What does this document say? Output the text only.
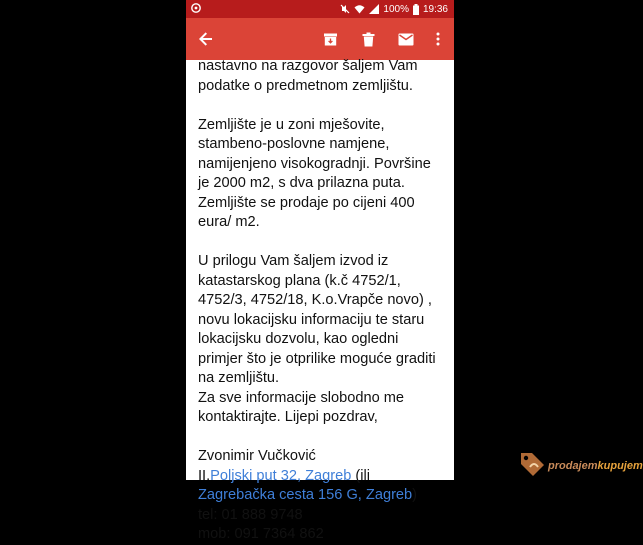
100% 19:36

nastavno na razgovor šaljem Vam

podatke o predmetnom zemljištu.

Zemljište je u zoni mješovite,

stambeno-poslovne namjene,

namijenjeno visokogradnji. Površine

je 2000 m2, s dva prilazna puta.

Zemljište se prodaje po cijeni 400

eura/ m2.

U prilogu Vam šaljem izvod iz

katastarskog plana (k.č 4752/1,

4752/3, 4752/18, K.o.Vrapče novo) ,

novu lokacijsku informaciju te staru

lokacijsku dozvolu, kao ogledni

primjer što je otprilike moguće graditi

na zemljištu.

Za sve informacije slobodno me

kontaktirajte. Lijepi pozdrav,

Zvonimir Vučković

II.Poljski put 32, Zagreb (ili

Zagrebačka cesta 156 G, Zagreb)

tel: 01 888 9748

mob: 091 7364 862

prodajemkupujem
